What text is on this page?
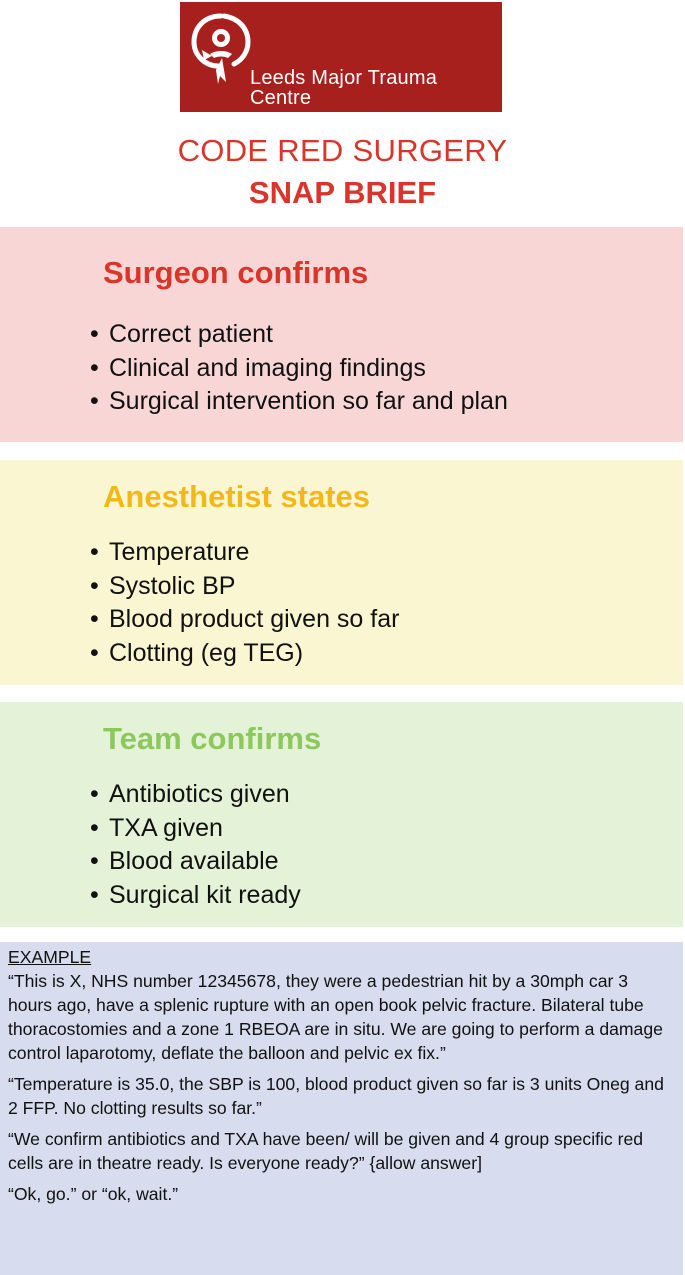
Leeds Major Trauma
Centre
CODE RED SURGERY
SNAP BRIEF
Surgeon confirms
• Correct patient
• Clinical and imaging findings
• Surgical intervention so far and plan
Anesthetist states
• Temperature
• Systolic BP
• Blood product given so far
• Clotting (eg TEG)
Team confirms
• Antibiotics given
• TXA given
• Blood available
• Surgical kit ready
EXAMPLE

“This is X, NHS number 12345678, they were a pedestrian hit by a 30mph car 3 hours ago, have a splenic rupture with an open book pelvic fracture. Bilateral tube thoracostomies and a zone 1 RBEOA are in situ. We are going to perform a damage control laparotomy, deflate the balloon and pelvic ex fix.”

“Temperature is 35.0, the SBP is 100, blood product given so far is 3 units Oneg and 2 FFP. No clotting results so far.”

“We confirm antibiotics and TXA have been/ will be given and 4 group specific red cells are in theatre ready. Is everyone ready?” {allow answer]

“Ok, go.” or “ok, wait.”
